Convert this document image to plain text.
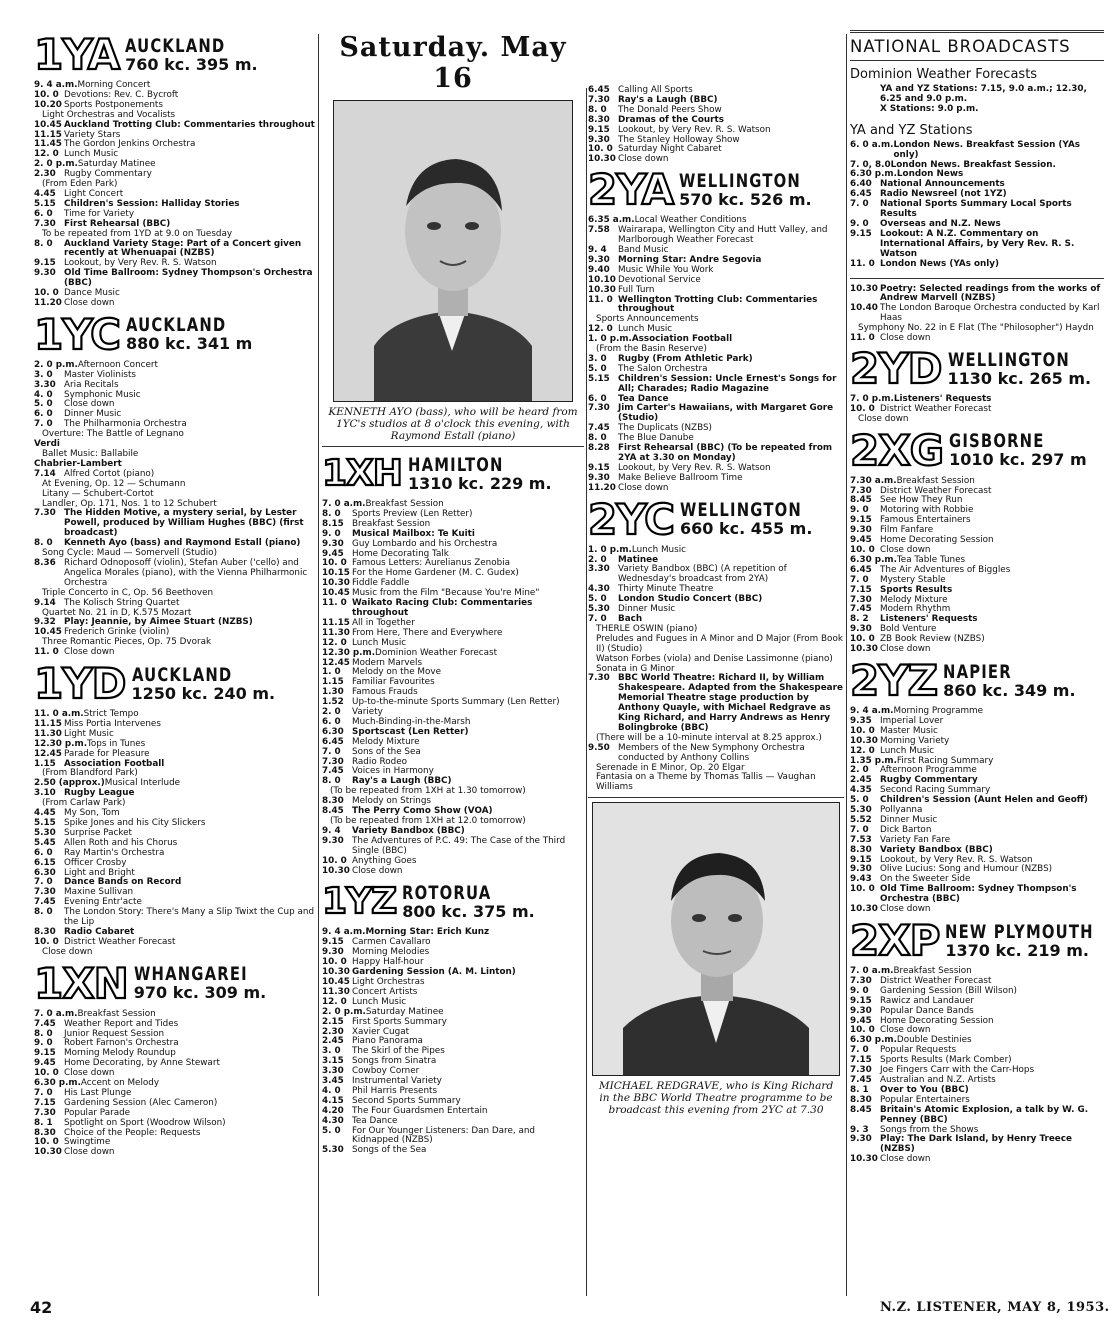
1YA AUCKLAND
760 kc. 395 m.
9. 4 a.m. Morning Concert
10. 0 Devotions: Rev. C. Bycroft
10.20 Sports Postponements
Light Orchestras and Vocalists
10.45 Auckland Trotting Club: Commentaries throughout
11.15 Variety Stars
11.45 The Gordon Jenkins Orchestra
12. 0 Lunch Music
2. 0 p.m. Saturday Matinee
2.30 Rugby Commentary
(From Eden Park)
4.45 Light Concert
5.15 Children's Session: Halliday Stories
6. 0	Time for Variety
7.30 First Rehearsal (BBC)
To be repeated from 1YD at 9.0 on Tuesday
8. 0	Auckland Variety Stage: Part of a Concert given recently at Whenuapai (NZBS)
9.15 Lookout, by Very Rev. R. S. Watson
9.30 Old Time Ballroom: Sydney Thompson's Orchestra (BBC)
10. 0 Dance Music
11.20 Close down
1YC AUCKLAND
880 kc. 341 m
2. 0 p.m. Afternoon Concert
3. 0	Master Violinists
3.30 Aria Recitals
4. 0	Symphonic Music
5. 0	Close down
6. 0	Dinner Music
7. 0	The Philharmonia Orchestra
Overture: The Battle of Legnano
Verdi
Ballet Music: Ballabile
Chabrier-Lambert
7.14 Alfred Cortot (piano)
At Evening, Op. 12 — Schumann
Litany — Schubert-Cortot
Landler, Op. 171, Nos. 1 to 12 Schubert
7.30 The Hidden Motive, a mystery serial, by Lester Powell, produced by William Hughes (BBC) (first broadcast)
8. 0	Kenneth Ayo (bass) and Raymond Estall (piano)
Song Cycle: Maud — Somervell (Studio)
8.36 Richard Odnoposoff (violin), Stefan Auber ('cello) and Angelica Morales (piano), with the Vienna Philharmonic Orchestra
Triple Concerto in C, Op. 56 Beethoven
9.14 The Kolisch String Quartet
Quartet No. 21 in D, K.575 Mozart
9.32 Play: Jeannie, by Aimee Stuart (NZBS)
10.45 Frederich Grinke (violin)
Three Romantic Pieces, Op. 75 Dvorak
11. 0 Close down
1YD AUCKLAND
1250 kc. 240 m.
11. 0 a.m. Strict Tempo
11.15 Miss Portia Intervenes
11.30 Light Music
12.30 p.m. Tops in Tunes
12.45 Parade for Pleasure
1.15 Association Football
(From Blandford Park)
2.50 (approx.) Musical Interlude
3.10 Rugby League
(From Carlaw Park)
4.45 My Son, Tom
5.15 Spike Jones and his City Slickers
5.30 Surprise Packet
5.45 Allen Roth and his Chorus
6. 0	Ray Martin's Orchestra
6.15 Officer Crosby
6.30 Light and Bright
7. 0	Dance Bands on Record
7.30 Maxine Sullivan
7.45 Evening Entr'acte
8. 0	The London Story: There's Many a Slip Twixt the Cup and the Lip
8.30 Radio Cabaret
10. 0 District Weather Forecast
Close down
1XN WHANGAREI
970 kc. 309 m.
7. 0 a.m. Breakfast Session
7.45 Weather Report and Tides
8. 0	Junior Request Session
9. 0	Robert Farnon's Orchestra
9.15 Morning Melody Roundup
9.45 Home Decorating, by Anne Stewart
10. 0 Close down
6.30 p.m. Accent on Melody
7. 0	His Last Plunge
7.15 Gardening Session (Alec Cameron)
7.30 Popular Parade
8. 1	Spotlight on Sport (Woodrow Wilson)
8.30 Choice of the People: Requests
10. 0 Swingtime
10.30 Close down
Saturday. May 16
KENNETH AYO (bass), who will be heard from 1YC's studios at 8 o'clock this evening, with Raymond Estall (piano)
1XH HAMILTON
1310 kc. 229 m.
7. 0 a.m. Breakfast Session
8. 0	Sports Preview (Len Retter)
8.15 Breakfast Session
9. 0	Musical Mailbox: Te Kuiti
9.30 Guy Lombardo and his Orchestra
9.45 Home Decorating Talk
10. 0 Famous Letters: Aurelianus Zenobia
10.15 For the Home Gardener (M. C. Gudex)
10.30 Fiddle Faddle
10.45 Music from the Film "Because You're Mine"
11. 0 Waikato Racing Club: Commentaries throughout
11.15 All in Together
11.30 From Here, There and Everywhere
12. 0 Lunch Music
12.30 p.m. Dominion Weather Forecast
12.45 Modern Marvels
1. 0	Melody on the Move
1.15 Familiar Favourites
1.30 Famous Frauds
1.52 Up-to-the-minute Sports Summary (Len Retter)
2. 0	Variety
6. 0	Much-Binding-in-the-Marsh
6.30 Sportscast (Len Retter)
6.45 Melody Mixture
7. 0	Sons of the Sea
7.30 Radio Rodeo
7.45 Voices in Harmony
8. 0	Ray's a Laugh (BBC)
(To be repeated from 1XH at 1.30 tomorrow)
8.30 Melody on Strings
8.45 The Perry Como Show (VOA)
(To be repeated from 1XH at 12.0 tomorrow)
9. 4	Variety Bandbox (BBC)
9.30 The Adventures of P.C. 49: The Case of the Third Single (BBC)
10. 0 Anything Goes
10.30 Close down
1YZ ROTORUA
800 kc. 375 m.
9. 4 a.m. Morning Star: Erich Kunz
9.15 Carmen Cavallaro
9.30 Morning Melodies
10. 0 Happy Half-hour
10.30 Gardening Session (A. M. Linton)
10.45 Light Orchestras
11.30 Concert Artists
12. 0 Lunch Music
2. 0 p.m. Saturday Matinee
2.15 First Sports Summary
2.30 Xavier Cugat
2.45 Piano Panorama
3. 0	The Skirl of the Pipes
3.15 Songs from Sinatra
3.30 Cowboy Corner
3.45 Instrumental Variety
4. 0	Phil Harris Presents
4.15 Second Sports Summary
4.20 The Four Guardsmen Entertain
4.30 Tea Dance
5. 0	For Our Younger Listeners: Dan Dare, and Kidnapped (NZBS)
5.30 Songs of the Sea
6.45 Calling All Sports
7.30 Ray's a Laugh (BBC)
8. 0	The Donald Peers Show
8.30 Dramas of the Courts
9.15 Lookout, by Very Rev. R. S. Watson
9.30 The Stanley Holloway Show
10. 0 Saturday Night Cabaret
10.30 Close down
2YA WELLINGTON
570 kc. 526 m.
6.35 a.m. Local Weather Conditions
7.58 Wairarapa, Wellington City and Hutt Valley, and Marlborough Weather Forecast
9. 4	Band Music
9.30 Morning Star: Andre Segovia
9.40 Music While You Work
10.10 Devotional Service
10.30 Full Turn
11. 0 Wellington Trotting Club: Commentaries throughout
Sports Announcements
12. 0 Lunch Music
1. 0 p.m. Association Football
(From the Basin Reserve)
3. 0	Rugby (From Athletic Park)
5. 0	The Salon Orchestra
5.15 Children's Session: Uncle Ernest's Songs for All; Charades; Radio Magazine
6. 0	Tea Dance
7.30 Jim Carter's Hawaiians, with Margaret Gore (Studio)
7.45 The Duplicats (NZBS)
8. 0	The Blue Danube
8.28 First Rehearsal (BBC) (To be repeated from 2YA at 3.30 on Monday)
9.15 Lookout, by Very Rev. R. S. Watson
9.30 Make Believe Ballroom Time
11.20 Close down
2YC WELLINGTON
660 kc. 455 m.
1. 0 p.m. Lunch Music
2. 0	Matinee
3.30 Variety Bandbox (BBC) (A repetition of Wednesday's broadcast from 2YA)
4.30 Thirty Minute Theatre
5. 0	London Studio Concert (BBC)
5.30 Dinner Music
7. 0	Bach
THERLE OSWIN (piano)
Preludes and Fugues in A Minor and D Major (From Book II) (Studio)
Watson Forbes (viola) and Denise Lassimonne (piano)
Sonata in G Minor
7.30 BBC World Theatre: Richard II, by William Shakespeare. Adapted from the Shakespeare Memorial Theatre stage production by Anthony Quayle, with Michael Redgrave as King Richard, and Harry Andrews as Henry Bolingbroke (BBC)
(There will be a 10-minute interval at 8.25 approx.)
9.50 Members of the New Symphony Orchestra conducted by Anthony Collins
Serenade in E Minor, Op. 20 Elgar
Fantasia on a Theme by Thomas Tallis — Vaughan Williams
MICHAEL REDGRAVE, who is King Richard in the BBC World Theatre programme to be broadcast this evening from 2YC at 7.30
NATIONAL BROADCASTS
Dominion Weather Forecasts
YA and YZ Stations: 7.15, 9.0 a.m.; 12.30, 6.25 and 9.0 p.m.
X Stations: 9.0 p.m.
YA and YZ Stations
6. 0 a.m. London News. Breakfast Session (YAs only)
7. 0, 8.0 London News. Breakfast Session.
6.30 p.m. London News
6.40 National Announcements
6.45 Radio Newsreel (not 1YZ)
7. 0	National Sports Summary Local Sports Results
9. 0	Overseas and N.Z. News
9.15 Lookout: A N.Z. Commentary on International Affairs, by Very Rev. R. S. Watson
11. 0 London News (YAs only)
10.30 Poetry: Selected readings from the works of Andrew Marvell (NZBS)
10.40 The London Baroque Orchestra conducted by Karl Haas
Symphony No. 22 in E Flat (The "Philosopher") Haydn
11. 0 Close down
2YD WELLINGTON
1130 kc. 265 m.
7. 0 p.m. Listeners' Requests
10. 0 District Weather Forecast
Close down
2XG GISBORNE
1010 kc. 297 m
7.30 a.m. Breakfast Session
7.30 District Weather Forecast
8.45 See How They Run
9. 0	Motoring with Robbie
9.15 Famous Entertainers
9.30 Film Fanfare
9.45 Home Decorating Session
10. 0 Close down
6.30 p.m. Tea Table Tunes
6.45 The Air Adventures of Biggles
7. 0	Mystery Stable
7.15 Sports Results
7.30 Melody Mixture
7.45 Modern Rhythm
8. 2	Listeners' Requests
9.30 Bold Venture
10. 0 ZB Book Review (NZBS)
10.30 Close down
2YZ NAPIER
860 kc. 349 m.
9. 4 a.m. Morning Programme
9.35 Imperial Lover
10. 0 Master Music
10.30 Morning Variety
12. 0 Lunch Music
1.35 p.m. First Racing Summary
2. 0	Afternoon Programme
2.45 Rugby Commentary
4.35 Second Racing Summary
5. 0	Children's Session (Aunt Helen and Geoff)
5.30 Pollyanna
5.52 Dinner Music
7. 0	Dick Barton
7.53 Variety Fan Fare
8.30 Variety Bandbox (BBC)
9.15 Lookout, by Very Rev. R. S. Watson
9.30 Olive Lucius: Song and Humour (NZBS)
9.43 On the Sweeter Side
10. 0 Old Time Ballroom: Sydney Thompson's Orchestra (BBC)
10.30 Close down
2XP NEW PLYMOUTH
1370 kc. 219 m.
7. 0 a.m. Breakfast Session
7.30 District Weather Forecast
9. 0	Gardening Session (Bill Wilson)
9.15 Rawicz and Landauer
9.30 Popular Dance Bands
9.45 Home Decorating Session
10. 0 Close down
6.30 p.m. Double Destinies
7. 0	Popular Requests
7.15 Sports Results (Mark Comber)
7.30 Joe Fingers Carr with the Carr-Hops
7.45 Australian and N.Z. Artists
8. 1	Over to You (BBC)
8.30 Popular Entertainers
8.45 Britain's Atomic Explosion, a talk by W. G. Penney (BBC)
9. 3	Songs from the Shows
9.30 Play: The Dark Island, by Henry Treece (NZBS)
10.30 Close down
42	N.Z. LISTENER, MAY 8, 1953.
